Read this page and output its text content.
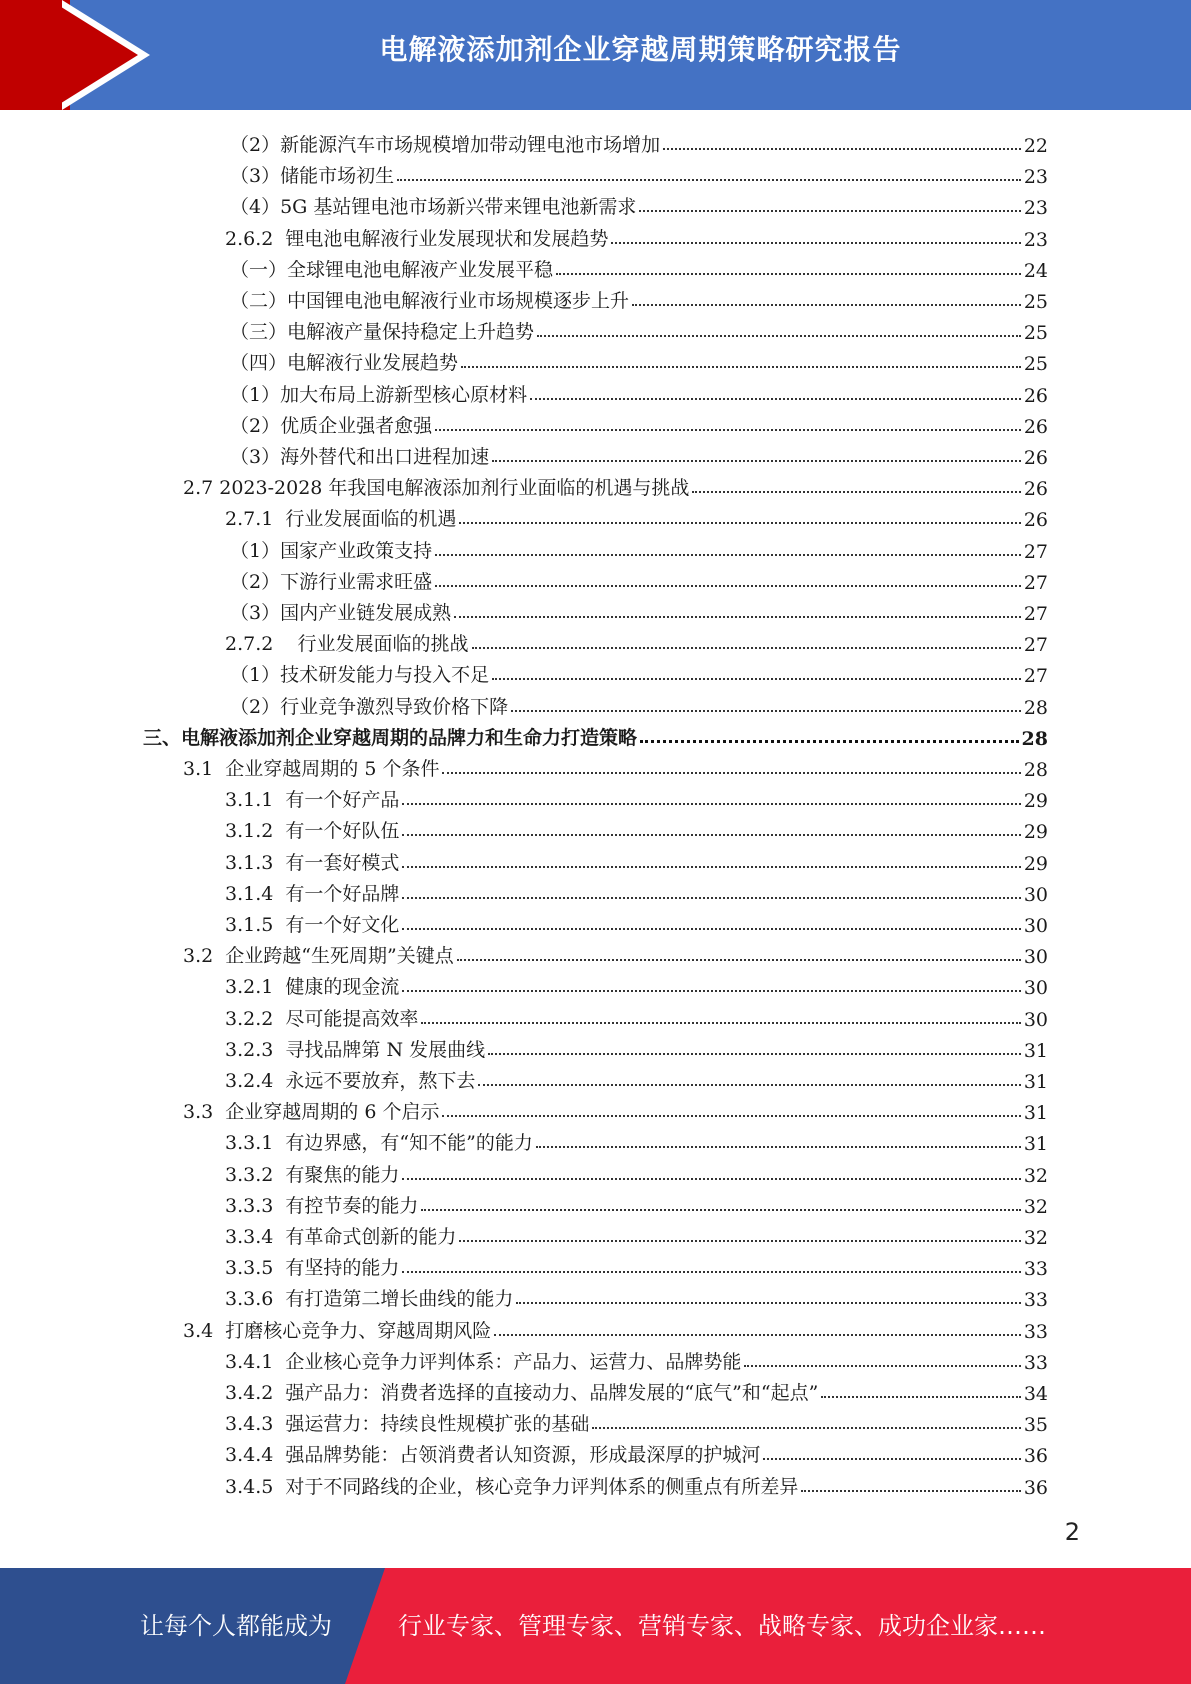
电解液添加剂企业穿越周期策略研究报告
（2）新能源汽车市场规模增加带动锂电池市场增加	22
（3）储能市场初生	23
（4）5G 基站锂电池市场新兴带来锂电池新需求	23
2.6.2  锂电池电解液行业发展现状和发展趋势	23
（一）全球锂电池电解液产业发展平稳	24
（二）中国锂电池电解液行业市场规模逐步上升	25
（三）电解液产量保持稳定上升趋势	25
（四）电解液行业发展趋势	25
（1）加大布局上游新型核心原材料	26
（2）优质企业强者愈强	26
（3）海外替代和出口进程加速	26
2.7 2023-2028 年我国电解液添加剂行业面临的机遇与挑战	26
2.7.1  行业发展面临的机遇	26
（1）国家产业政策支持	27
（2）下游行业需求旺盛	27
（3）国内产业链发展成熟	27
2.7.2    行业发展面临的挑战	27
（1）技术研发能力与投入不足	27
（2）行业竞争激烈导致价格下降	28
三、电解液添加剂企业穿越周期的品牌力和生命力打造策略	28
3.1  企业穿越周期的 5 个条件	28
3.1.1  有一个好产品	29
3.1.2  有一个好队伍	29
3.1.3  有一套好模式	29
3.1.4  有一个好品牌	30
3.1.5  有一个好文化	30
3.2  企业跨越“生死周期”关键点	30
3.2.1  健康的现金流	30
3.2.2  尽可能提高效率	30
3.2.3  寻找品牌第 N 发展曲线	31
3.2.4  永远不要放弃，熬下去	31
3.3  企业穿越周期的 6 个启示	31
3.3.1  有边界感，有“知不能”的能力	31
3.3.2  有聚焦的能力	32
3.3.3  有控节奏的能力	32
3.3.4  有革命式创新的能力	32
3.3.5  有坚持的能力	33
3.3.6  有打造第二增长曲线的能力	33
3.4  打磨核心竞争力、穿越周期风险	33
3.4.1  企业核心竞争力评判体系：产品力、运营力、品牌势能	33
3.4.2  强产品力：消费者选择的直接动力、品牌发展的“底气”和“起点”	34
3.4.3  强运营力：持续良性规模扩张的基础	35
3.4.4  强品牌势能：占领消费者认知资源，形成最深厚的护城河	36
3.4.5  对于不同路线的企业，核心竞争力评判体系的侧重点有所差异	36
2
让每个人都能成为	行业专家、管理专家、营销专家、战略专家、成功企业家……
